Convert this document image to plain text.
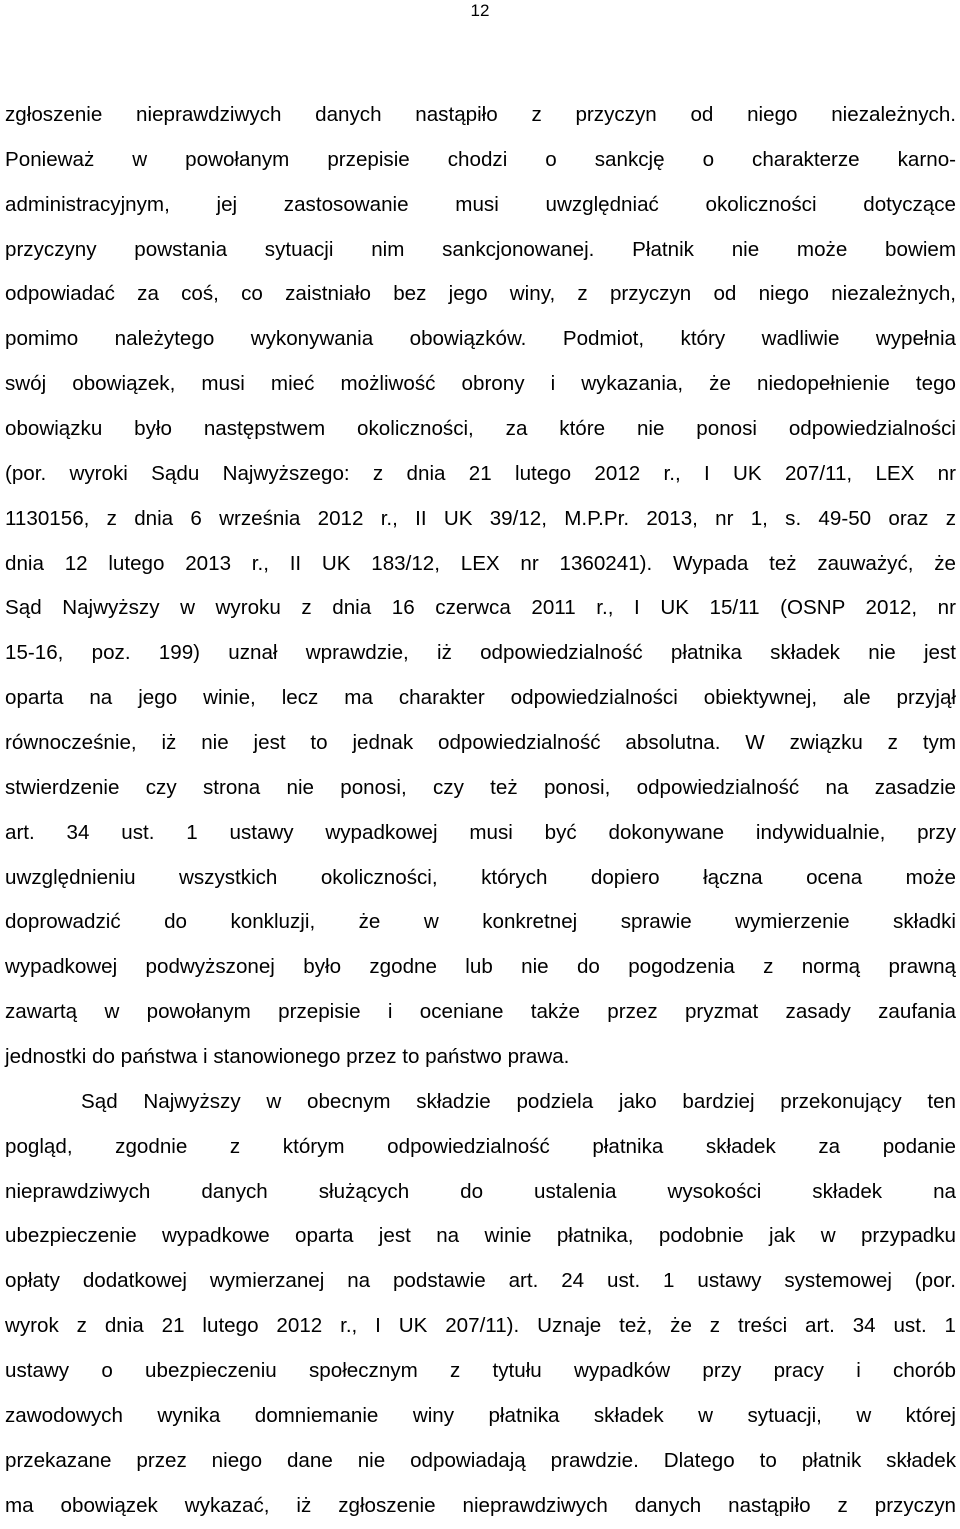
12
zgłoszenie nieprawdziwych danych nastąpiło z przyczyn od niego niezależnych.
Ponieważ w powołanym przepisie chodzi o sankcję o charakterze karno-
administracyjnym, jej zastosowanie musi uwzględniać okoliczności dotyczące
przyczyny powstania sytuacji nim sankcjonowanej. Płatnik nie może bowiem
odpowiadać za coś, co zaistniało bez jego winy, z przyczyn od niego niezależnych,
pomimo należytego wykonywania obowiązków. Podmiot, który wadliwie wypełnia
swój obowiązek, musi mieć możliwość obrony i wykazania, że niedopełnienie tego
obowiązku było następstwem okoliczności, za które nie ponosi odpowiedzialności
(por. wyroki Sądu Najwyższego: z dnia 21 lutego 2012 r., I UK 207/11, LEX nr
1130156, z dnia 6 września 2012 r., II UK 39/12, M.P.Pr. 2013, nr 1, s. 49-50 oraz z
dnia 12 lutego 2013 r., II UK 183/12, LEX nr 1360241). Wypada też zauważyć, że
Sąd Najwyższy w wyroku z dnia 16 czerwca 2011 r., I UK 15/11 (OSNP 2012, nr
15-16, poz. 199) uznał wprawdzie, iż odpowiedzialność płatnika składek nie jest
oparta na jego winie, lecz ma charakter odpowiedzialności obiektywnej, ale przyjął
równocześnie, iż nie jest to jednak odpowiedzialność absolutna. W związku z tym
stwierdzenie czy strona nie ponosi, czy też ponosi, odpowiedzialność na zasadzie
art. 34 ust. 1 ustawy wypadkowej musi być dokonywane indywidualnie, przy
uwzględnieniu wszystkich okoliczności, których dopiero łączna ocena może
doprowadzić do konkluzji, że w konkretnej sprawie wymierzenie składki
wypadkowej podwyższonej było zgodne lub nie do pogodzenia z normą prawną
zawartą w powołanym przepisie i oceniane także przez pryzmat zasady zaufania
jednostki do państwa i stanowionego przez to państwo prawa.
Sąd Najwyższy w obecnym składzie podziela jako bardziej przekonujący ten
pogląd, zgodnie z którym odpowiedzialność płatnika składek za podanie
nieprawdziwych danych służących do ustalenia wysokości składek na
ubezpieczenie wypadkowe oparta jest na winie płatnika, podobnie jak w przypadku
opłaty dodatkowej wymierzanej na podstawie art. 24 ust. 1 ustawy systemowej (por.
wyrok z dnia 21 lutego 2012 r., I UK 207/11). Uznaje też, że z treści art. 34 ust. 1
ustawy o ubezpieczeniu społecznym z tytułu wypadków przy pracy i chorób
zawodowych wynika domniemanie winy płatnika składek w sytuacji, w której
przekazane przez niego dane nie odpowiadają prawdzie. Dlatego to płatnik składek
ma obowiązek wykazać, iż zgłoszenie nieprawdziwych danych nastąpiło z przyczyn
